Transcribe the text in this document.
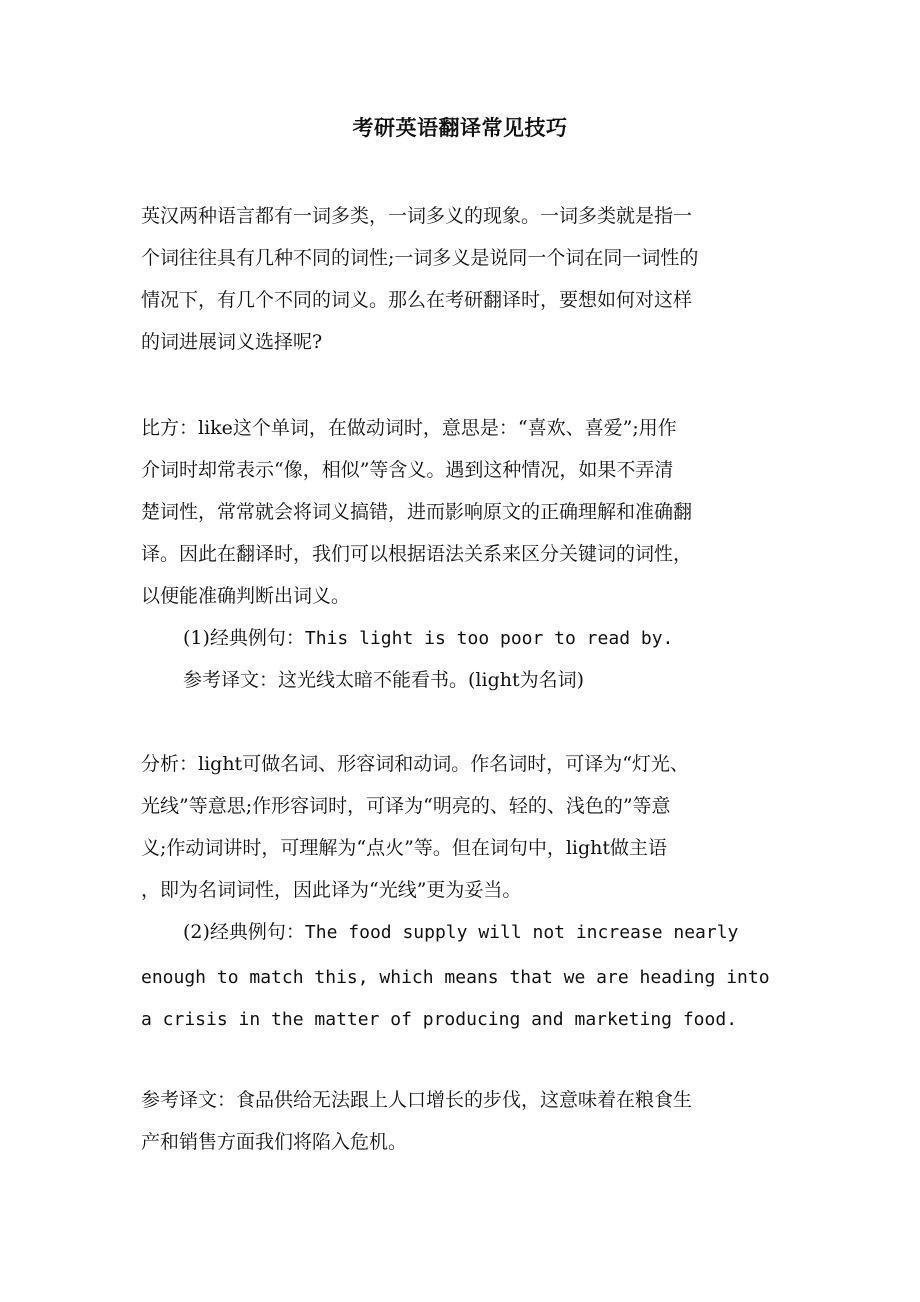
考研英语翻译常见技巧
英汉两种语言都有一词多类，一词多义的现象。一词多类就是指一
个词往往具有几种不同的词性;一词多义是说同一个词在同一词性的
情况下，有几个不同的词义。那么在考研翻译时，要想如何对这样
的词进展词义选择呢?
比方：like这个单词，在做动词时，意思是：“喜欢、喜爱”;用作
介词时却常表示“像，相似”等含义。遇到这种情况，如果不弄清
楚词性，常常就会将词义搞错，进而影响原文的正确理解和准确翻
译。因此在翻译时，我们可以根据语法关系来区分关键词的词性，
以便能准确判断出词义。
(1)经典例句：This light is too poor to read by.
参考译文：这光线太暗不能看书。(light为名词)
分析：light可做名词、形容词和动词。作名词时，可译为“灯光、
光线”等意思;作形容词时，可译为“明亮的、轻的、浅色的”等意
义;作动词讲时，可理解为“点火”等。但在词句中，light做主语
，即为名词词性，因此译为“光线”更为妥当。
(2)经典例句：The food supply will not increase nearly
enough to match this, which means that we are heading into
a crisis in the matter of producing and marketing food.
参考译文：食品供给无法跟上人口增长的步伐，这意味着在粮食生
产和销售方面我们将陷入危机。
